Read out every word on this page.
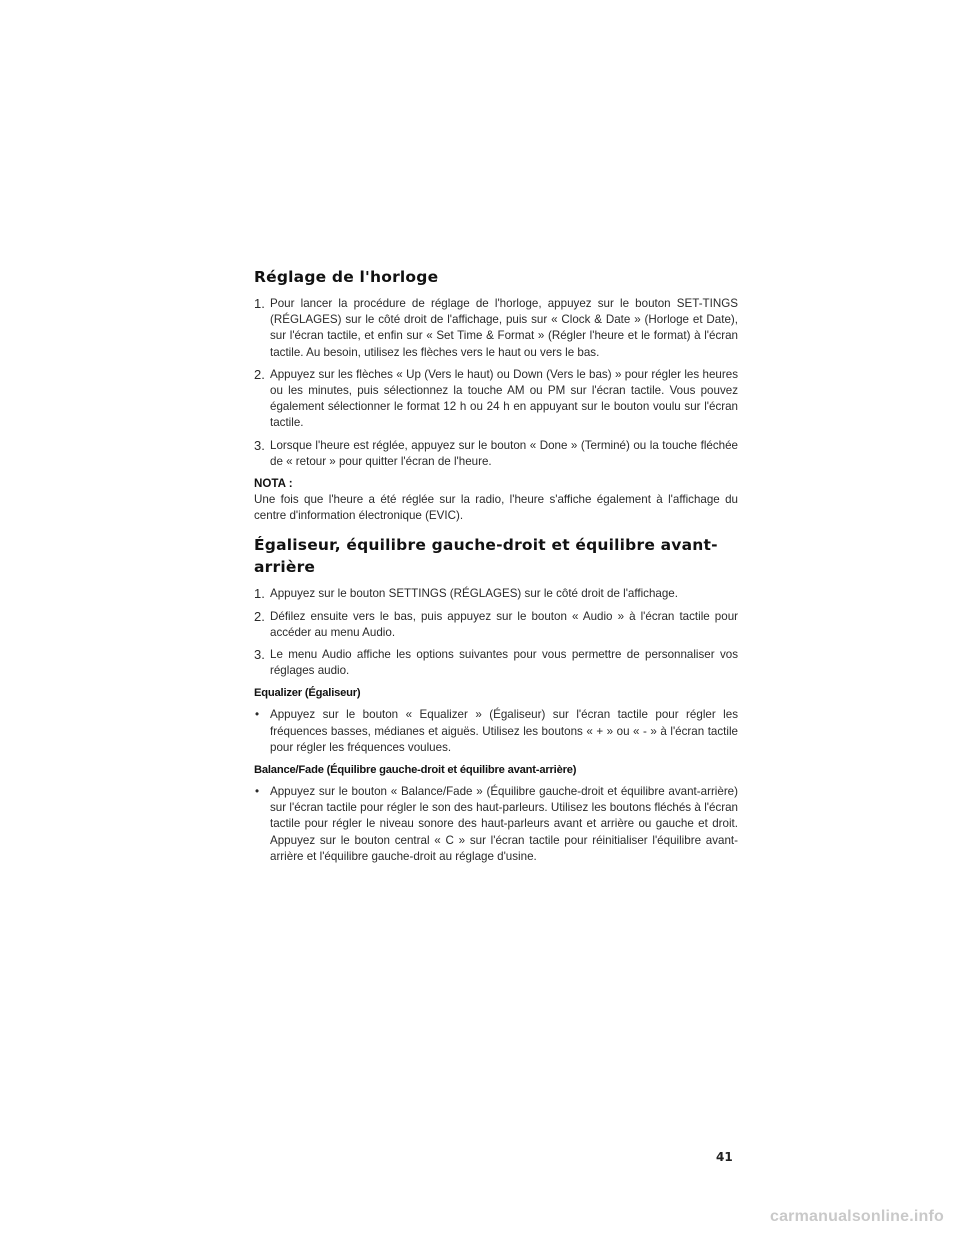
Réglage de l'horloge
1. Pour lancer la procédure de réglage de l'horloge, appuyez sur le bouton SET-TINGS (RÉGLAGES) sur le côté droit de l'affichage, puis sur « Clock & Date » (Horloge et Date), sur l'écran tactile, et enfin sur « Set Time & Format » (Régler l'heure et le format) à l'écran tactile. Au besoin, utilisez les flèches vers le haut ou vers le bas.
2. Appuyez sur les flèches « Up (Vers le haut) ou Down (Vers le bas) » pour régler les heures ou les minutes, puis sélectionnez la touche AM ou PM sur l'écran tactile. Vous pouvez également sélectionner le format 12 h ou 24 h en appuyant sur le bouton voulu sur l'écran tactile.
3. Lorsque l'heure est réglée, appuyez sur le bouton « Done » (Terminé) ou la touche fléchée de « retour » pour quitter l'écran de l'heure.
NOTA :
Une fois que l'heure a été réglée sur la radio, l'heure s'affiche également à l'affichage du centre d'information électronique (EVIC).
Égaliseur, équilibre gauche-droit et équilibre avant-arrière
1. Appuyez sur le bouton SETTINGS (RÉGLAGES) sur le côté droit de l'affichage.
2. Défilez ensuite vers le bas, puis appuyez sur le bouton « Audio » à l'écran tactile pour accéder au menu Audio.
3. Le menu Audio affiche les options suivantes pour vous permettre de personnaliser vos réglages audio.
Equalizer (Égaliseur)
• Appuyez sur le bouton « Equalizer » (Égaliseur) sur l'écran tactile pour régler les fréquences basses, médianes et aiguës. Utilisez les boutons « + » ou « - » à l'écran tactile pour régler les fréquences voulues.
Balance/Fade (Équilibre gauche-droit et équilibre avant-arrière)
• Appuyez sur le bouton « Balance/Fade » (Équilibre gauche-droit et équilibre avant-arrière) sur l'écran tactile pour régler le son des haut-parleurs. Utilisez les boutons fléchés à l'écran tactile pour régler le niveau sonore des haut-parleurs avant et arrière ou gauche et droit. Appuyez sur le bouton central « C » sur l'écran tactile pour réinitialiser l'équilibre avant-arrière et l'équilibre gauche-droit au réglage d'usine.
41
carmanualsonline.info
